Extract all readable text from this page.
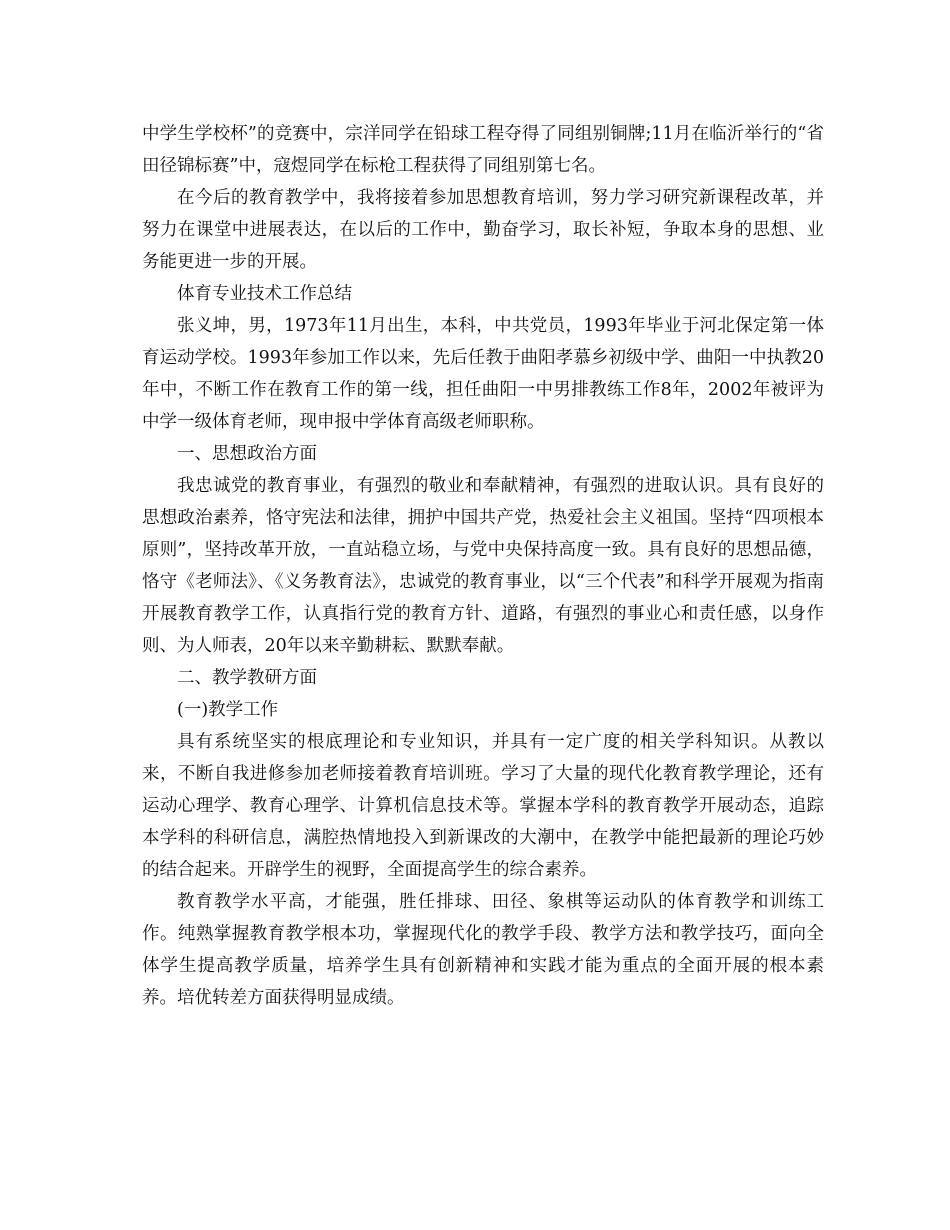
中学生学校杯”的竞赛中，宗洋同学在铅球工程夺得了同组别铜牌;11月在临沂举行的“省田径锦标赛”中，寇煜同学在标枪工程获得了同组别第七名。

在今后的教育教学中，我将接着参加思想教育培训，努力学习研究新课程改革，并努力在课堂中进展表达，在以后的工作中，勤奋学习，取长补短，争取本身的思想、业务能更进一步的开展。

体育专业技术工作总结

张义坤，男，1973年11月出生，本科，中共党员，1993年毕业于河北保定第一体育运动学校。1993年参加工作以来，先后任教于曲阳孝慕乡初级中学、曲阳一中执教20年中，不断工作在教育工作的第一线，担任曲阳一中男排教练工作8年，2002年被评为中学一级体育老师，现申报中学体育高级老师职称。

一、思想政治方面

我忠诚党的教育事业，有强烈的敬业和奉献精神，有强烈的进取认识。具有良好的思想政治素养，恪守宪法和法律，拥护中国共产党，热爱社会主义祖国。坚持“四项根本原则”，坚持改革开放，一直站稳立场，与党中央保持高度一致。具有良好的思想品德，恪守《老师法》、《义务教育法》，忠诚党的教育事业，以“三个代表”和科学开展观为指南开展教育教学工作，认真指行党的教育方针、道路，有强烈的事业心和责任感，以身作则、为人师表，20年以来辛勤耕耘、默默奉献。

二、教学教研方面

(一)教学工作

具有系统坚实的根底理论和专业知识，并具有一定广度的相关学科知识。从教以来，不断自我进修参加老师接着教育培训班。学习了大量的现代化教育教学理论，还有运动心理学、教育心理学、计算机信息技术等。掌握本学科的教育教学开展动态，追踪本学科的科研信息，满腔热情地投入到新课改的大潮中，在教学中能把最新的理论巧妙的结合起来。开辟学生的视野，全面提高学生的综合素养。

教育教学水平高，才能强，胜任排球、田径、象棋等运动队的体育教学和训练工作。纯熟掌握教育教学根本功，掌握现代化的教学手段、教学方法和教学技巧，面向全体学生提高教学质量，培养学生具有创新精神和实践才能为重点的全面开展的根本素养。培优转差方面获得明显成绩。
